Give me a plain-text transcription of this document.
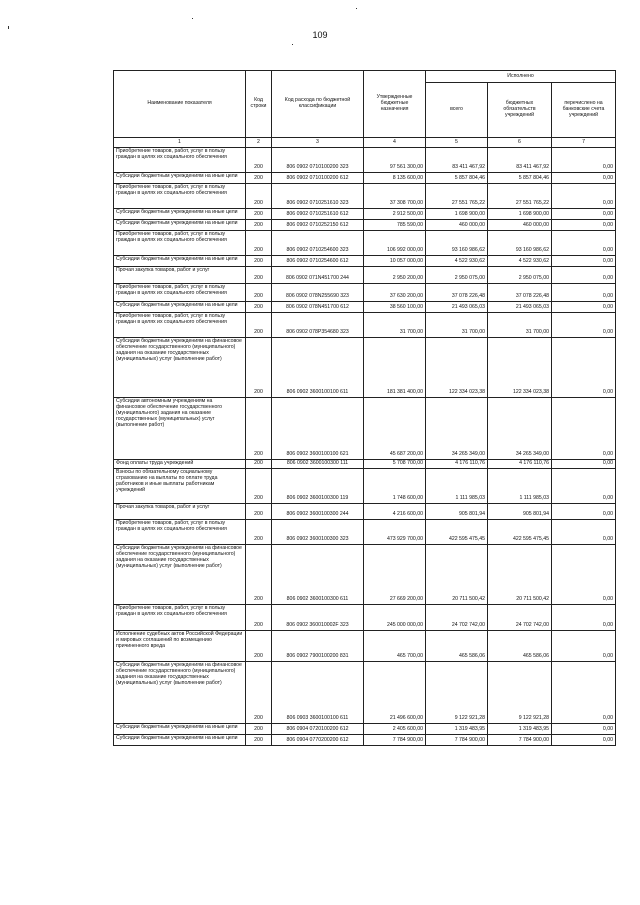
109
Наименование показателя	Код строки	Код расхода по бюджетной классификации	Утвержденные бюджетные назначения	Исполнено		
				всего	бюджетных обязательств учреждений	перечислено на банковские счета учреждений
1	2	3	4	5	6	7
Приобретение товаров, работ, услуг в пользу граждан в целях их социального обеспечения	200	806 0902 0710100200 323	97 561 300,00	83 411 467,92	83 411 467,92	0,00
Субсидии бюджетным учреждениям на иные цели	200	806 0902 0710100200 612	8 135 600,00	5 857 804,46	5 857 804,46	0,00
Приобретение товаров, работ, услуг в пользу граждан в целях их социального обеспечения	200	806 0902 0710251610 323	37 308 700,00	27 551 765,22	27 551 765,22	0,00
Субсидии бюджетным учреждениям на иные цели	200	806 0902 0710251610 612	2 912 500,00	1 698 900,00	1 698 900,00	0,00
Субсидии бюджетным учреждениям на иные цели	200	806 0902 0710252150 612	785 590,00	460 000,00	460 000,00	0,00
Приобретение товаров, работ, услуг в пользу граждан в целях их социального обеспечения	200	806 0902 0710254600 323	106 992 000,00	93 160 986,62	93 160 986,62	0,00
Субсидии бюджетным учреждениям на иные цели	200	806 0902 0710254600 612	10 057 000,00	4 522 930,62	4 522 930,62	0,00
Прочая закупка товаров, работ и услуг	200	806 0902 071N451700 244	2 950 200,00	2 950 075,00	2 950 075,00	0,00
Приобретение товаров, работ, услуг в пользу граждан в целях их социального обеспечения	200	806 0902 078N255690 323	37 630 200,00	37 078 226,48	37 078 226,48	0,00
Субсидии бюджетным учреждениям на иные цели	200	806 0902 078N451700 612	38 560 100,00	21 493 065,03	21 493 065,03	0,00
Приобретение товаров, работ, услуг в пользу граждан в целях их социального обеспечения	200	806 0902 078P354680 323	31 700,00	31 700,00	31 700,00	0,00
Субсидии бюджетным учреждениям на финансовое обеспечение государственного (муниципального) задания на оказание государственных (муниципальных) услуг (выполнение работ)	200	806 0902 3600100100 611	181 381 400,00	122 334 023,38	122 334 023,38	0,00
Субсидии автономным учреждениям на финансовое обеспечение государственного (муниципального) задания на оказание государственных (муниципальных) услуг (выполнение работ)	200	806 0902 3600100100 621	45 687 200,00	34 265 349,00	34 265 349,00	0,00
Фонд оплаты труда учреждений	200	806 0902 3600100300 111	5 708 700,00	4 176 110,76	4 176 110,76	0,00
Взносы по обязательному социальному страхованию на выплаты по оплате труда работников и иные выплаты работникам учреждений	200	806 0902 3600100300 119	1 748 600,00	1 111 985,03	1 111 985,03	0,00
Прочая закупка товаров, работ и услуг	200	806 0902 3600100300 244	4 216 600,00	905 801,94	905 801,94	0,00
Приобретение товаров, работ, услуг в пользу граждан в целях их социального обеспечения	200	806 0902 3600100300 323	473 929 700,00	422 595 475,45	422 595 475,45	0,00
Субсидии бюджетным учреждениям на финансовое обеспечение государственного (муниципального) задания на оказание государственных (муниципальных) услуг (выполнение работ)	200	806 0902 3600100300 611	27 669 200,00	20 711 500,42	20 711 500,42	0,00
Приобретение товаров, работ, услуг в пользу граждан в целях их социального обеспечения	200	806 0902 360010002F 323	245 000 000,00	24 702 742,00	24 702 742,00	0,00
Исполнение судебных актов Российской Федерации и мировых соглашений по возмещению причиненного вреда	200	806 0902 7900100200 831	465 700,00	465 586,06	465 586,06	0,00
Субсидии бюджетным учреждениям на финансовое обеспечение государственного (муниципального) задания на оказание государственных (муниципальных) услуг (выполнение работ)	200	806 0903 3600100100 611	21 496 600,00	9 122 921,28	9 122 921,28	0,00
Субсидии бюджетным учреждениям на иные цели	200	806 0904 0720100200 612	2 405 600,00	1 319 483,95	1 319 483,95	0,00
Субсидии бюджетным учреждениям на иные цели	200	806 0904 0770200200 612	7 784 900,00	7 784 900,00	7 784 900,00	0,00
